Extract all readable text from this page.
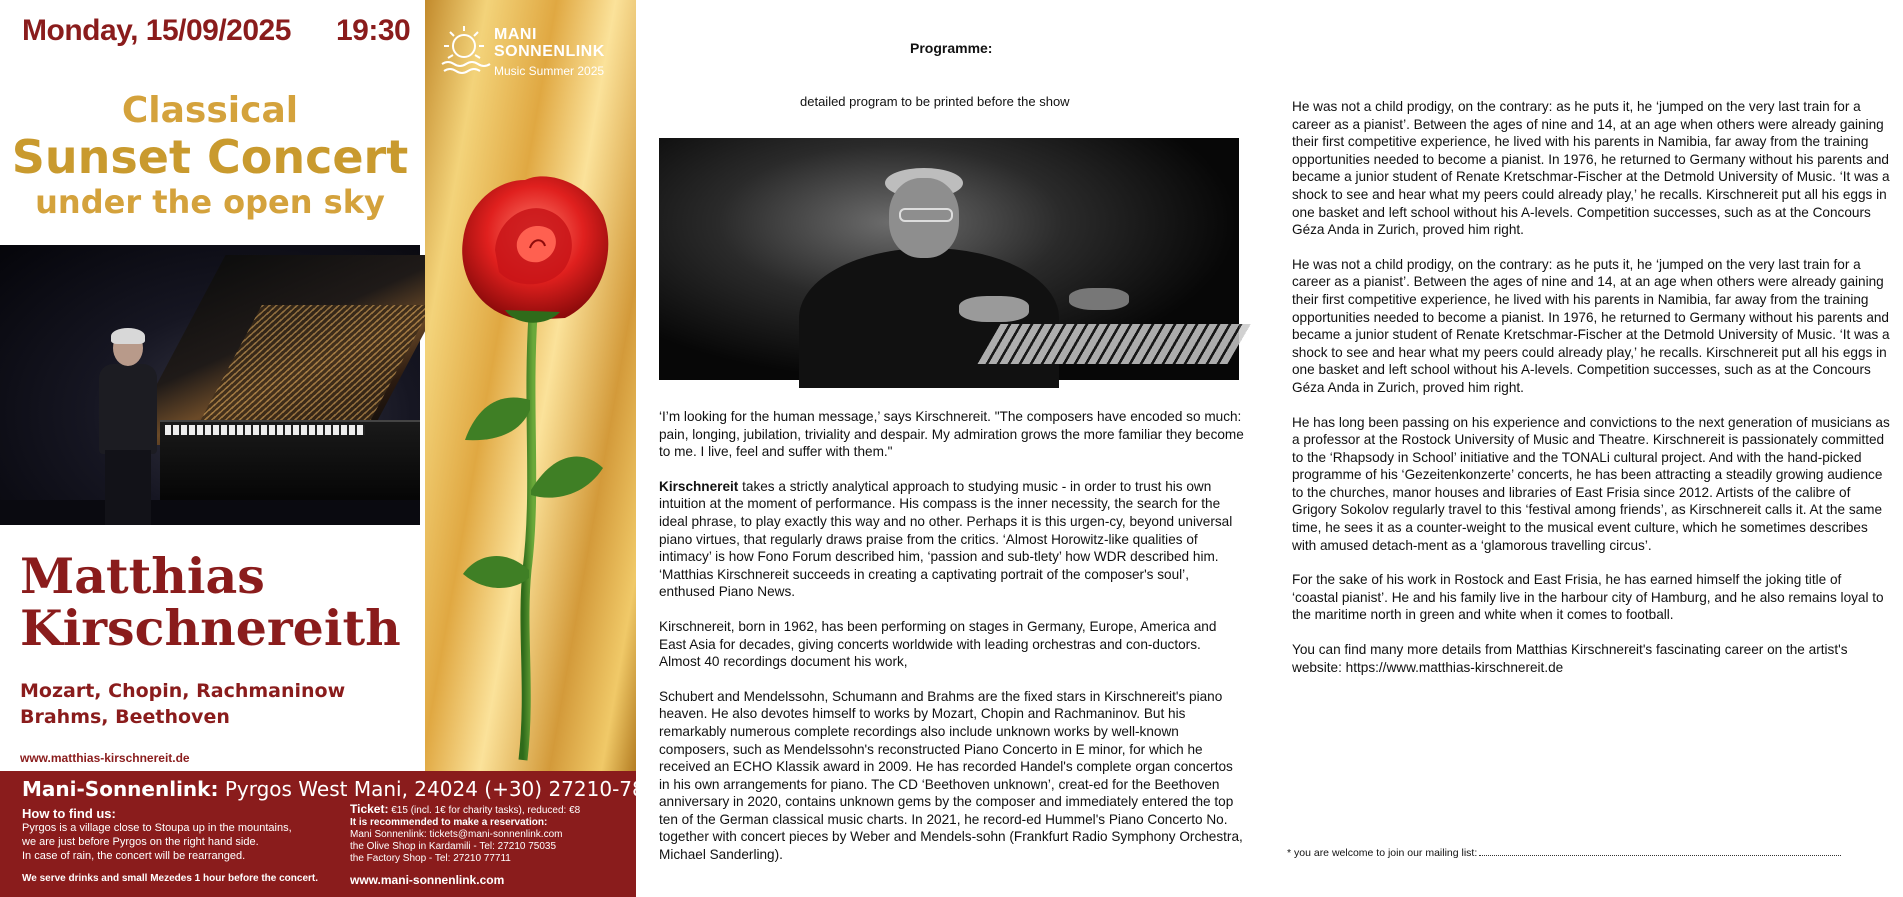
Monday, 15/09/2025 19:30
Classical
Sunset Concert
under the open sky
Matthias
Kirschnereith
Mozart, Chopin, Rachmaninow
Brahms, Beethoven
www.matthias-kirschnereit.de
MANI
SONNENLINK
Music Summer 2025
Mani-Sonnenlink: Pyrgos West Mani, 24024 (+30) 27210-78077
How to find us:
Pyrgos is a village close to Stoupa up in the mountains,
we are just before Pyrgos on the right hand side.
In case of rain, the concert will be rearranged.
We serve drinks and small Mezedes 1 hour before the concert.
Ticket: €15 (incl. 1€ for charity tasks), reduced: €8
It is recommended to make a reservation:
Mani Sonnenlink: tickets@mani-sonnenlink.com
the Olive Shop in Kardamili - Tel: 27210 75035
the Factory Shop - Tel: 27210 77711
www.mani-sonnenlink.com
Programme:
detailed program to be printed before the show

‘I’m looking for the human message,’ says Kirschnereit. "The composers have encoded so much: pain, longing, jubilation, triviality and despair. My admiration grows the more familiar they become to me. I live, feel and suffer with them."

Kirschnereit takes a strictly analytical approach to studying music - in order to trust his own intuition at the moment of performance. His compass is the inner necessity, the search for the ideal phrase, to play exactly this way and no other. Perhaps it is this urgen-cy, beyond universal piano virtues, that regularly draws praise from the critics. ‘Almost Horowitz-like qualities of intimacy’ is how Fono Forum described him, ‘passion and sub-tlety’ how WDR described him. ‘Matthias Kirschnereit succeeds in creating a captivating portrait of the composer's soul’, enthused Piano News.

Kirschnereit, born in 1962, has been performing on stages in Germany, Europe, America and East Asia for decades, giving concerts worldwide with leading orchestras and con-ductors. Almost 40 recordings document his work,

Schubert and Mendelssohn, Schumann and Brahms are the fixed stars in Kirschnereit's piano heaven. He also devotes himself to works by Mozart, Chopin and Rachmaninov. But his remarkably numerous complete recordings also include unknown works by well-known composers, such as Mendelssohn's reconstructed Piano Concerto in E minor, for which he received an ECHO Klassik award in 2009. He has recorded Handel's complete organ concertos in his own arrangements for piano. The CD ‘Beethoven unknown’, creat-ed for the Beethoven anniversary in 2020, contains unknown gems by the composer and immediately entered the top ten of the German classical music charts. In 2021, he record-ed Hummel's Piano Concerto No. together with concert pieces by Weber and Mendels-sohn (Frankfurt Radio Symphony Orchestra, Michael Sanderling).

He was not a child prodigy, on the contrary: as he puts it, he ‘jumped on the very last train for a career as a pianist’. Between the ages of nine and 14, at an age when others were already gaining their first competitive experience, he lived with his parents in Namibia, far away from the training opportunities needed to become a pianist. In 1976, he returned to Germany without his parents and became a junior student of Renate Kretschmar-Fischer at the Detmold University of Music. ‘It was a shock to see and hear what my peers could already play,’ he recalls. Kirschnereit put all his eggs in one basket and left school without his A-levels. Competition successes, such as at the Concours Géza Anda in Zurich, proved him right.

He was not a child prodigy, on the contrary: as he puts it, he ‘jumped on the very last train for a career as a pianist’. Between the ages of nine and 14, at an age when others were already gaining their first competitive experience, he lived with his parents in Namibia, far away from the training opportunities needed to become a pianist. In 1976, he returned to Germany without his parents and became a junior student of Renate Kretschmar-Fischer at the Detmold University of Music. ‘It was a shock to see and hear what my peers could already play,’ he recalls. Kirschnereit put all his eggs in one basket and left school without his A-levels. Competition successes, such as at the Concours Géza Anda in Zurich, proved him right.

He has long been passing on his experience and convictions to the next generation of musicians as a professor at the Rostock University of Music and Theatre. Kirschnereit is passionately committed to the ‘Rhapsody in School’ initiative and the TONALi cultural project. And with the hand-picked programme of his ‘Gezeitenkonzerte’ concerts, he has been attracting a steadily growing audience to the churches, manor houses and libraries of East Frisia since 2012. Artists of the calibre of Grigory Sokolov regularly travel to this ‘festival among friends’, as Kirschnereit calls it. At the same time, he sees it as a counter-weight to the musical event culture, which he sometimes describes with amused detach-ment as a ‘glamorous travelling circus’.

For the sake of his work in Rostock and East Frisia, he has earned himself the joking title of ‘coastal pianist’. He and his family live in the harbour city of Hamburg, and he also remains loyal to the maritime north in green and white when it comes to football.

You can find many more details from Matthias Kirschnereit's fascinating career on the artist's website: https://www.matthias-kirschnereit.de

* you are welcome to join our mailing list:
